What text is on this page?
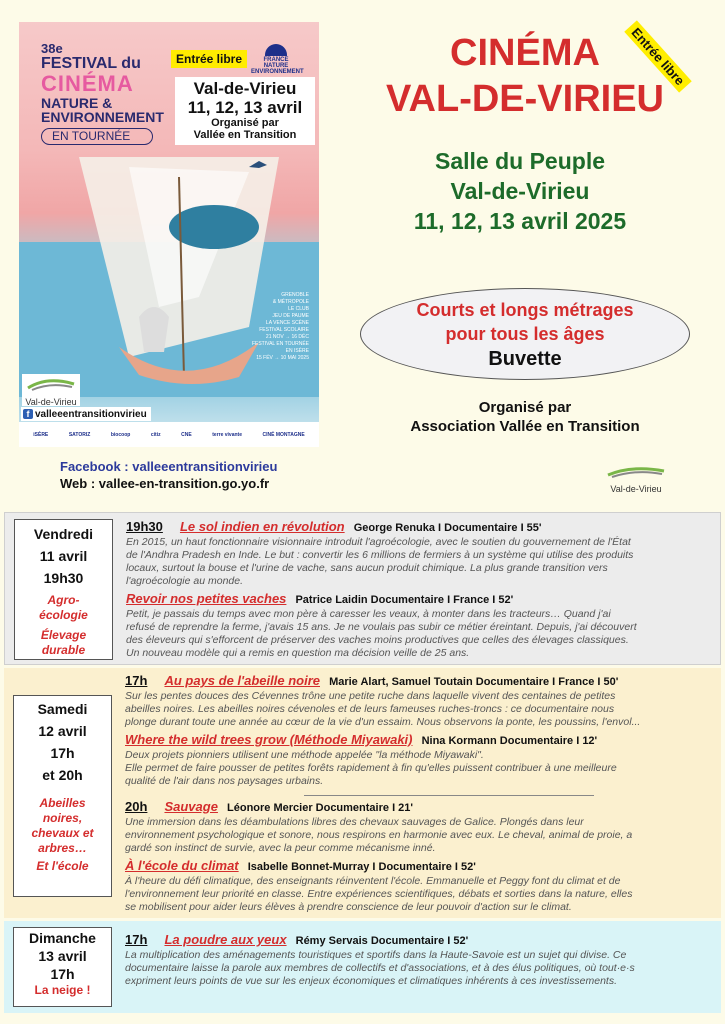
38e
FESTIVAL du
CINÉMA
NATURE &
ENVIRONNEMENT
EN TOURNÉE
Entrée libre	FRANCE NATURE ENVIRONNEMENT
Val-de-Virieu
11, 12, 13 avril
Organisé par
Vallée en Transition
GRENOBLE
& MÉTROPOLE
LE CLUB
JEU DE PAUME
LA VENCE SCÈNE
FESTIVAL SCOLAIRE
21 NOV → 16 DÉC
FESTIVAL EN TOURNÉE
EN ISÈRE
15 FÉV → 10 MAI 2025
Val-de-Virieu
f valleeentransitionvirieu
iSÈRE	SATORIZ	biocoop	citiz	CNE	terre vivante	CINÉ MONTAGNE
CINÉMA
VAL-DE-VIRIEU
Entrée libre
Salle du Peuple
Val-de-Virieu
11, 12, 13 avril 2025
Courts et longs métrages
pour tous les âges
Buvette
Organisé par
Association Vallée en Transition
Facebook : valleeentransitionvirieu
Web : vallee-en-transition.go.yo.fr	Val-de-Virieu
Vendredi
11 avril
19h30
Agro-
écologie
Élevage
durable
19h30 Le sol indien en révolution George Renuka I Documentaire I 55'
En 2015, un haut fonctionnaire visionnaire introduit l'agroécologie, avec le soutien du gouvernement de l'État
de l'Andhra Pradesh en Inde. Le but : convertir les 6 millions de fermiers à un système qui utilise des produits
locaux, surtout la bouse et l'urine de vache, sans aucun produit chimique. La plus grande transition vers
l'agroécologie au monde.
Revoir nos petites vaches Patrice Laidin Documentaire I France I 52'
Petit, je passais du temps avec mon père à caresser les veaux, à monter dans les tracteurs… Quand j'ai
refusé de reprendre la ferme, j'avais 15 ans. Je ne voulais pas subir ce métier éreintant. Depuis, j'ai découvert
des éleveurs qui s'efforcent de préserver des vaches moins productives que celles des élevages classiques.
Un nouveau modèle qui a remis en question ma décision veille de 25 ans.
Samedi
12 avril
17h
et 20h
Abeilles
noires,
chevaux et
arbres…
Et l'école
17h Au pays de l'abeille noire Marie Alart, Samuel Toutain Documentaire I France I 50'
Sur les pentes douces des Cévennes trône une petite ruche dans laquelle vivent des centaines de petites
abeilles noires. Les abeilles noires cévenoles et de leurs fameuses ruches-troncs : ce documentaire nous
plonge durant toute une année au cœur de la vie d'un essaim. Nous observons la ponte, les poussins, l'envol...
Where the wild trees grow (Méthode Miyawaki) Nina Kormann Documentaire I 12'
Deux projets pionniers utilisent une méthode appelée "la méthode Miyawaki".
Elle permet de faire pousser de petites forêts rapidement à fin qu'elles puissent contribuer à une meilleure
qualité de l'air dans nos paysages urbains.
20h Sauvage Léonore Mercier Documentaire I 21'
Une immersion dans les déambulations libres des chevaux sauvages de Galice. Plongés dans leur
environnement psychologique et sonore, nous respirons en harmonie avec eux. Le cheval, animal de proie, a
gardé son instinct de survie, avec la peur comme mécanisme inné.
À l'école du climat Isabelle Bonnet-Murray I Documentaire I 52'
À l'heure du défi climatique, des enseignants réinventent l'école. Emmanuelle et Peggy font du climat et de
l'environnement leur priorité en classe. Entre expériences scientifiques, débats et sorties dans la nature, elles
se mobilisent pour aider leurs élèves à prendre conscience de leur pouvoir d'action sur le climat.
Dimanche
13 avril
17h
La neige !
17h La poudre aux yeux Rémy Servais Documentaire I 52'
La multiplication des aménagements touristiques et sportifs dans la Haute-Savoie est un sujet qui divise. Ce
documentaire laisse la parole aux membres de collectifs et d'associations, et à des élus politiques, où tout·e·s
expriment leurs points de vue sur les enjeux économiques et climatiques inhérents à ces investissements.
